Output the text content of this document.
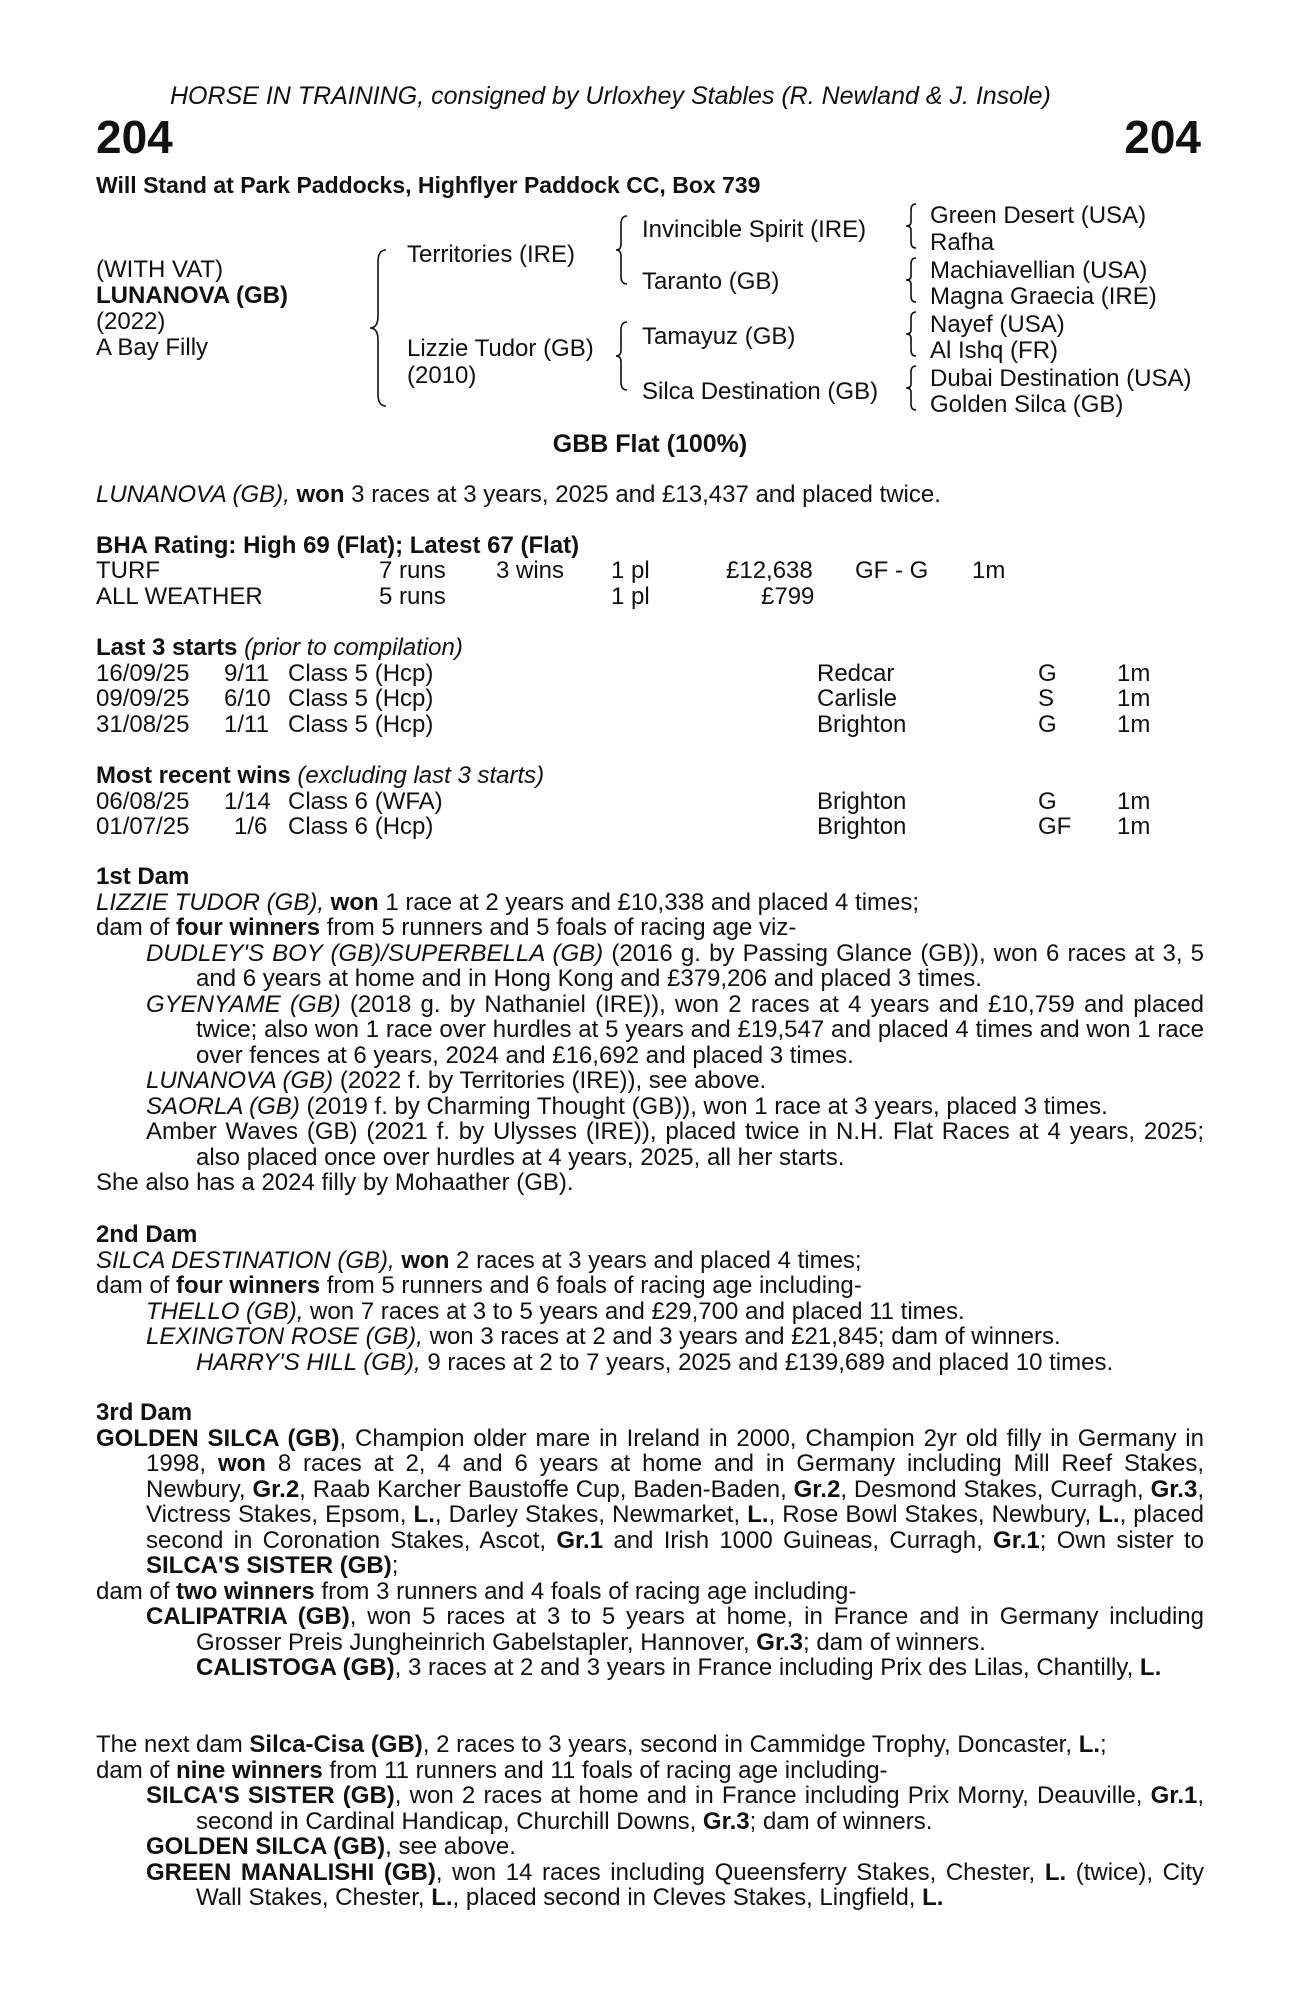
HORSE IN TRAINING, consigned by Urloxhey Stables (R. Newland & J. Insole)
204	204
Will Stand at Park Paddocks, Highflyer Paddock CC, Box 739
(WITH VAT)
LUNANOVA (GB)
(2022)
A Bay Filly
Territories (IRE)
Lizzie Tudor (GB)
(2010)
Invincible Spirit (IRE)
Taranto (GB)
Tamayuz (GB)
Silca Destination (GB)
Green Desert (USA)
Rafha
Machiavellian (USA)
Magna Graecia (IRE)
Nayef (USA)
Al Ishq (FR)
Dubai Destination (USA)
Golden Silca (GB)
GBB Flat (100%)
LUNANOVA (GB), won 3 races at 3 years, 2025 and £13,437 and placed twice.
BHA Rating: High 69 (Flat); Latest 67 (Flat)
TURF	7 runs 3 wins 1 pl	£12,638 GF - G 1m
ALL WEATHER	5 runs	1 pl	£799
Last 3 starts (prior to compilation)
16/09/25 9/11 Class 5 (Hcp)	Redcar	G	1m
09/09/25 6/10 Class 5 (Hcp)	Carlisle	S	1m
31/08/25 1/11 Class 5 (Hcp)	Brighton	G	1m
Most recent wins (excluding last 3 starts)
06/08/25 1/14 Class 6 (WFA)	Brighton	G	1m
01/07/25 1/6 Class 6 (Hcp)	Brighton	GF 1m

1st Dam

LIZZIE TUDOR (GB), won 1 race at 2 years and £10,338 and placed 4 times;

dam of four winners from 5 runners and 5 foals of racing age viz-

DUDLEY'S BOY (GB)/SUPERBELLA (GB) (2016 g. by Passing Glance (GB)), won 6 races at 3, 5 and 6 years at home and in Hong Kong and £379,206 and placed 3 times.

GYENYAME (GB) (2018 g. by Nathaniel (IRE)), won 2 races at 4 years and £10,759 and placed twice; also won 1 race over hurdles at 5 years and £19,547 and placed 4 times and won 1 race over fences at 6 years, 2024 and £16,692 and placed 3 times.

LUNANOVA (GB) (2022 f. by Territories (IRE)), see above.

SAORLA (GB) (2019 f. by Charming Thought (GB)), won 1 race at 3 years, placed 3 times.

Amber Waves (GB) (2021 f. by Ulysses (IRE)), placed twice in N.H. Flat Races at 4 years, 2025; also placed once over hurdles at 4 years, 2025, all her starts.

She also has a 2024 filly by Mohaather (GB).

2nd Dam

SILCA DESTINATION (GB), won 2 races at 3 years and placed 4 times;

dam of four winners from 5 runners and 6 foals of racing age including-

THELLO (GB), won 7 races at 3 to 5 years and £29,700 and placed 11 times.

LEXINGTON ROSE (GB), won 3 races at 2 and 3 years and £21,845; dam of winners.

HARRY'S HILL (GB), 9 races at 2 to 7 years, 2025 and £139,689 and placed 10 times.

3rd Dam

GOLDEN SILCA (GB), Champion older mare in Ireland in 2000, Champion 2yr old filly in Germany in 1998, won 8 races at 2, 4 and 6 years at home and in Germany including Mill Reef Stakes, Newbury, Gr.2, Raab Karcher Baustoffe Cup, Baden-Baden, Gr.2, Desmond Stakes, Curragh, Gr.3, Victress Stakes, Epsom, L., Darley Stakes, Newmarket, L., Rose Bowl Stakes, Newbury, L., placed second in Coronation Stakes, Ascot, Gr.1 and Irish 1000 Guineas, Curragh, Gr.1; Own sister to SILCA'S SISTER (GB);

dam of two winners from 3 runners and 4 foals of racing age including-

CALIPATRIA (GB), won 5 races at 3 to 5 years at home, in France and in Germany including Grosser Preis Jungheinrich Gabelstapler, Hannover, Gr.3; dam of winners.

CALISTOGA (GB), 3 races at 2 and 3 years in France including Prix des Lilas, Chantilly, L.

The next dam Silca-Cisa (GB), 2 races to 3 years, second in Cammidge Trophy, Doncaster, L.;

dam of nine winners from 11 runners and 11 foals of racing age including-

SILCA'S SISTER (GB), won 2 races at home and in France including Prix Morny, Deauville, Gr.1, second in Cardinal Handicap, Churchill Downs, Gr.3; dam of winners.

GOLDEN SILCA (GB), see above.

GREEN MANALISHI (GB), won 14 races including Queensferry Stakes, Chester, L. (twice), City Wall Stakes, Chester, L., placed second in Cleves Stakes, Lingfield, L.
